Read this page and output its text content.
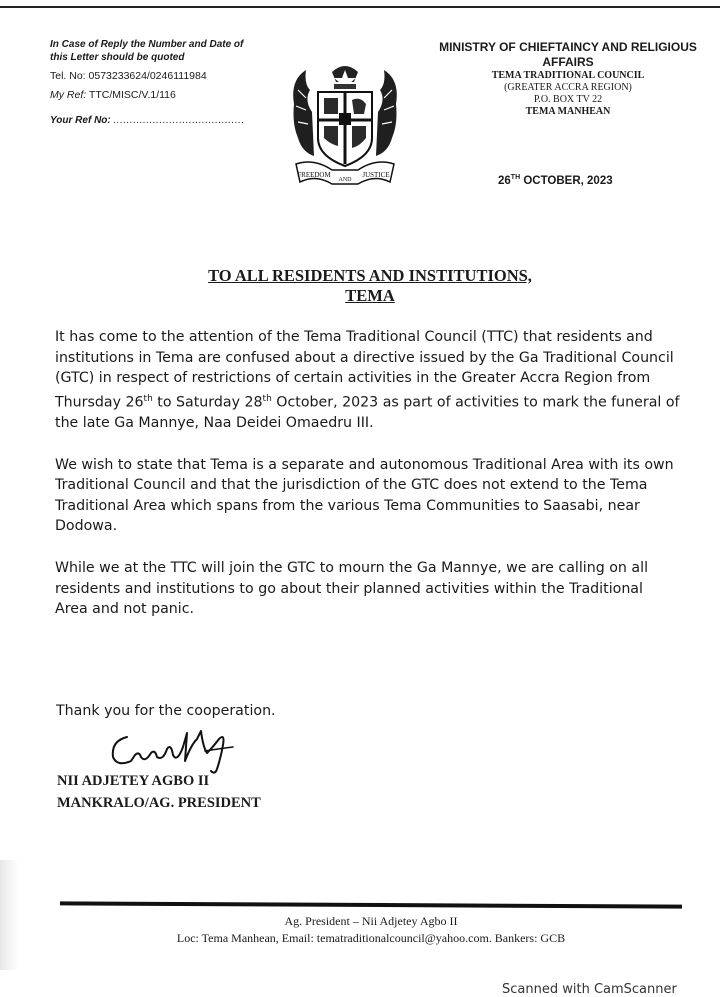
In Case of Reply the Number and Date of this Letter should be quoted
Tel. No: 0573233624/0246111984
My Ref: TTC/MISC/V.1/116
Your Ref No: ........................................
FREEDOM
AND
JUSTICE
MINISTRY OF CHIEFTAINCY AND RELIGIOUS AFFAIRS
TEMA TRADITIONAL COUNCIL
(GREATER ACCRA REGION)
P.O. BOX TV 22
TEMA MANHEAN
26TH OCTOBER, 2023
TO ALL RESIDENTS AND INSTITUTIONS,
TEMA

It has come to the attention of the Tema Traditional Council (TTC) that residents and institutions in Tema are confused about a directive issued by the Ga Traditional Council (GTC) in respect of restrictions of certain activities in the Greater Accra Region from Thursday 26th to Saturday 28th October, 2023 as part of activities to mark the funeral of the late Ga Mannye, Naa Deidei Omaedru III.

We wish to state that Tema is a separate and autonomous Traditional Area with its own Traditional Council and that the jurisdiction of the GTC does not extend to the Tema Traditional Area which spans from the various Tema Communities to Saasabi, near Dodowa.

While we at the TTC will join the GTC to mourn the Ga Mannye, we are calling on all residents and institutions to go about their planned activities within the Traditional Area and not panic.

Thank you for the cooperation.
NII ADJETEY AGBO II
MANKRALO/AG. PRESIDENT
Ag. President – Nii Adjetey Agbo II
Loc: Tema Manhean, Email: tematraditionalcouncil@yahoo.com. Bankers: GCB
Scanned with CamScanner
